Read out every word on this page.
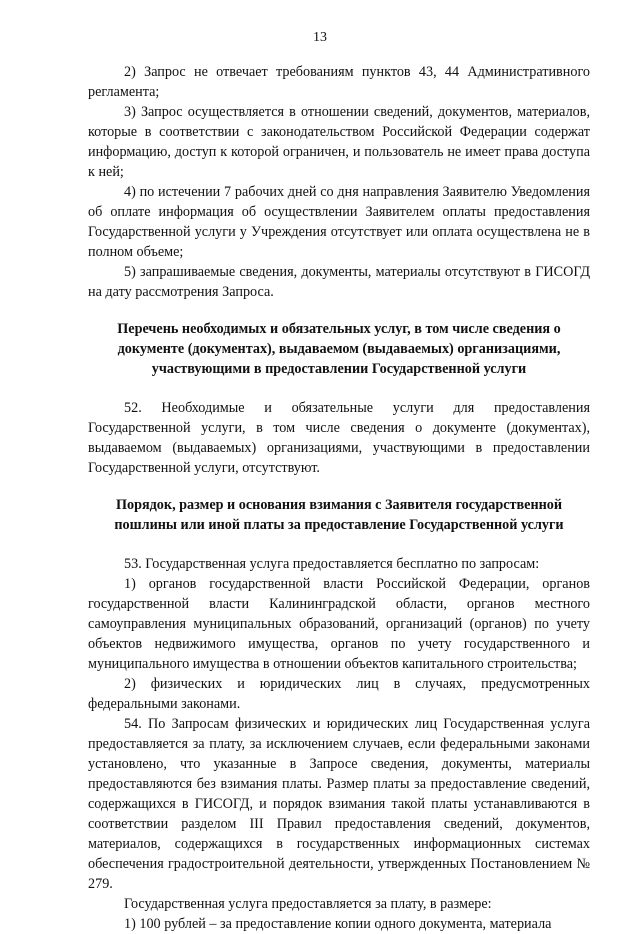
13

2) Запрос не отвечает требованиям пунктов 43, 44 Административного регламента;

3) Запрос осуществляется в отношении сведений, документов, материалов, которые в соответствии с законодательством Российской Федерации содержат информацию, доступ к которой ограничен, и пользователь не имеет права доступа к ней;

4) по истечении 7 рабочих дней со дня направления Заявителю Уведомления об оплате информация об осуществлении Заявителем оплаты предоставления Государственной услуги у Учреждения отсутствует или оплата осуществлена не в полном объеме;

5) запрашиваемые сведения, документы, материалы отсутствуют в ГИСОГД на дату рассмотрения Запроса.

Перечень необходимых и обязательных услуг, в том числе сведения о документе (документах), выдаваемом (выдаваемых) организациями, участвующими в предоставлении Государственной услуги

52. Необходимые и обязательные услуги для предоставления Государственной услуги, в том числе сведения о документе (документах), выдаваемом (выдаваемых) организациями, участвующими в предоставлении Государственной услуги, отсутствуют.

Порядок, размер и основания взимания с Заявителя государственной пошлины или иной платы за предоставление Государственной услуги

53. Государственная услуга предоставляется бесплатно по запросам:

1) органов государственной власти Российской Федерации, органов государственной власти Калининградской области, органов местного самоуправления муниципальных образований, организаций (органов) по учету объектов недвижимого имущества, органов по учету государственного и муниципального имущества в отношении объектов капитального строительства;

2) физических и юридических лиц в случаях, предусмотренных федеральными законами.

54. По Запросам физических и юридических лиц Государственная услуга предоставляется за плату, за исключением случаев, если федеральными законами установлено, что указанные в Запросе сведения, документы, материалы предоставляются без взимания платы. Размер платы за предоставление сведений, содержащихся в ГИСОГД, и порядок взимания такой платы устанавливаются в соответствии разделом III Правил предоставления сведений, документов, материалов, содержащихся в государственных информационных системах обеспечения градостроительной деятельности, утвержденных Постановлением № 279.

Государственная услуга предоставляется за плату, в размере:

1) 100 рублей – за предоставление копии одного документа, материала
